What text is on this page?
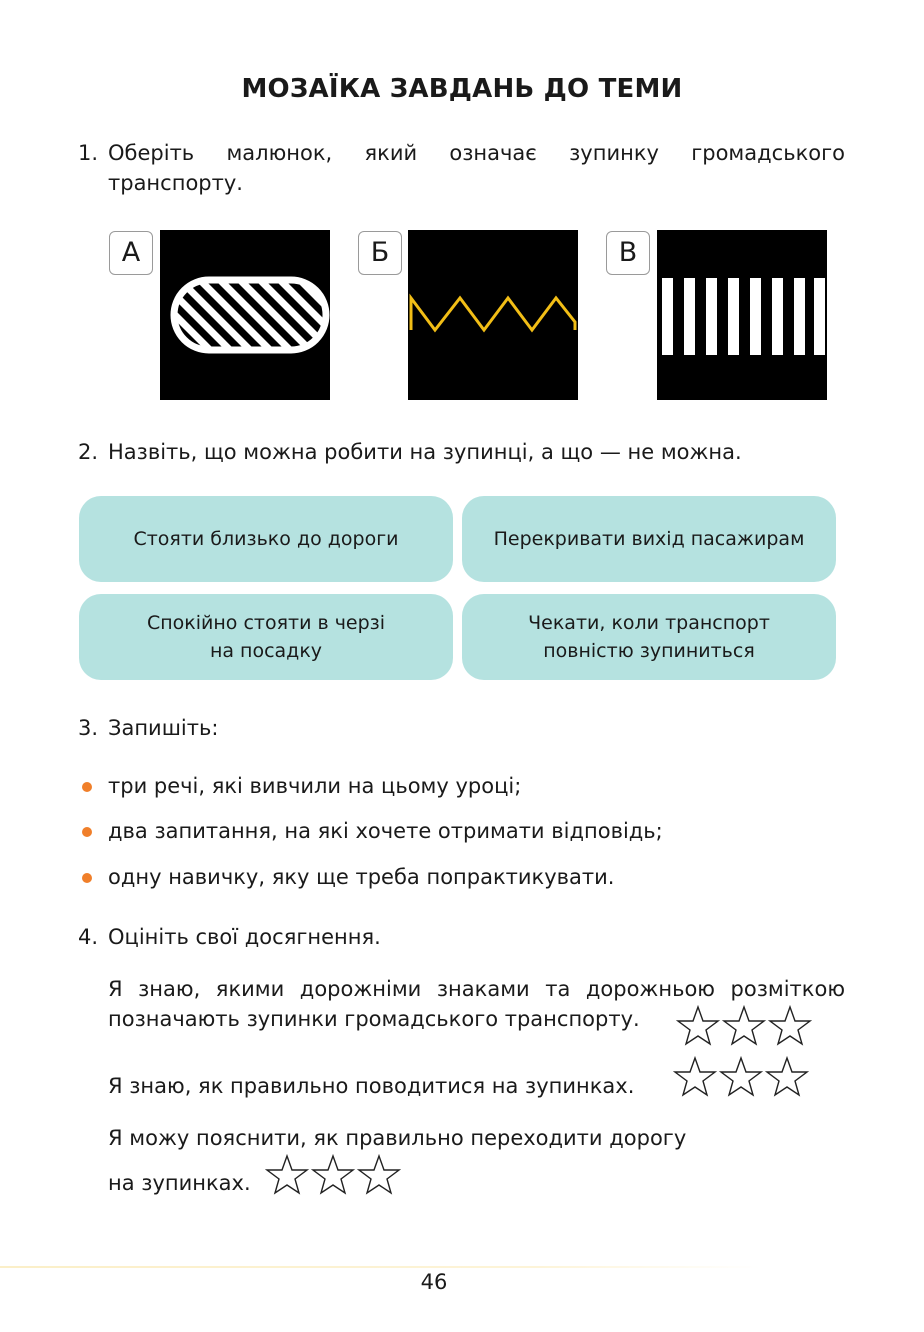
МОЗАЇКА ЗАВДАНЬ ДО ТЕМИ
1. Оберіть малюнок, який означає зупинку громадського транспорту.
А	Б	В
2. Назвіть, що можна робити на зупинці, а що — не можна.
Стояти близько до дороги	Перекривати вихід пасажирам
Спокійно стояти в черзі
на посадку
Чекати, коли транспорт
повністю зупиниться
3. Запишіть:
три речі, які вивчили на цьому уроці;
два запитання, на які хочете отримати відповідь;
одну навичку, яку ще треба попрактикувати.
4. Оцініть свої досягнення.
Я знаю, якими дорожніми знаками та дорожньою розміткою
позначають зупинки громадського транспорту.
Я знаю, як правильно поводитися на зупинках.
Я можу пояснити, як правильно переходити дорогу
на зупинках.
46
